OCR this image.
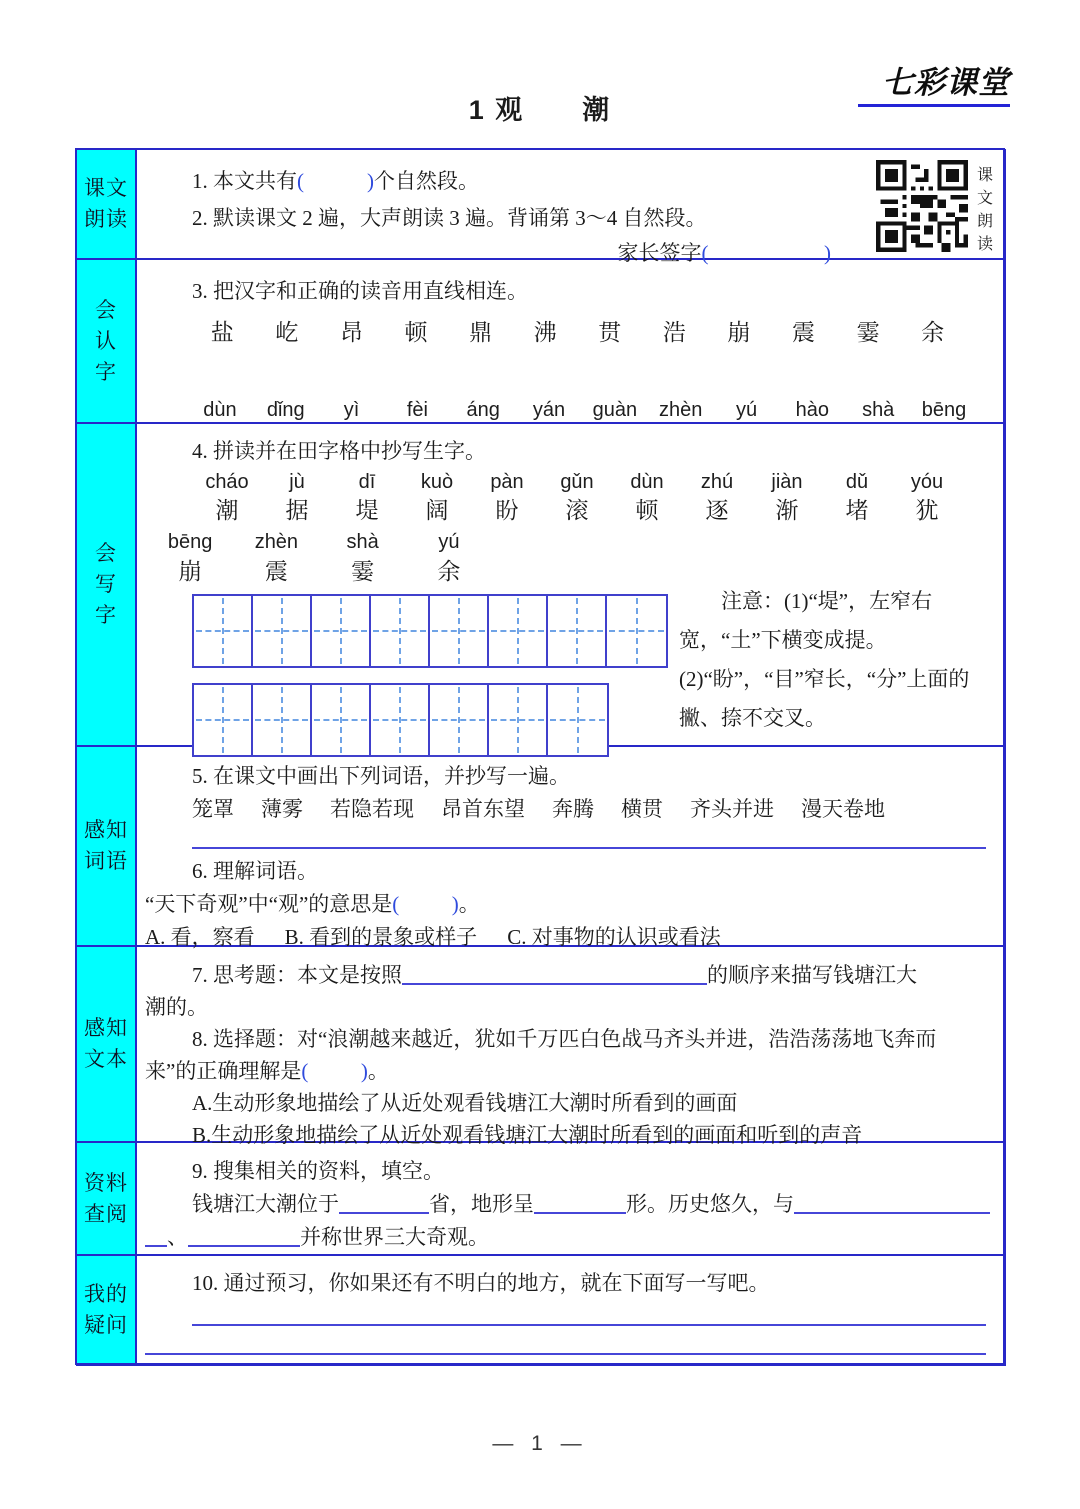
七彩课堂
1 观　　潮
课文
朗读

1. 本文共有(            )个自然段。

2. 默读课文 2 遍，大声朗读 3 遍。背诵第 3～4 自然段。

家长签字(                      )

课
文
朗
读
会
认
字

3. 把汉字和正确的读音用直线相连。

盐	屹	昂	顿	鼎	沸	贯	浩	崩	震	霎	余
dùn	dǐng	yì	fèi	áng	yán	guàn	zhèn	yú	hào	shà	bēng
会
写
字

4. 拼读并在田字格中抄写生字。

cháo	jù	dī	kuò	pàn	gǔn	dùn	zhú	jiàn	dǔ	yóu
潮	据	堤	阔	盼	滚	顿	逐	渐	堵	犹
bēng	zhèn	shà	yú
崩	震	霎	余
注意：(1)“堤”，左窄右宽，“土”下横变成提。(2)“盼”，“目”窄长，“分”上面的撇、捺不交叉。
感知
词语

5. 在课文中画出下列词语，并抄写一遍。

笼罩 薄雾 若隐若现 昂首东望 奔腾 横贯 齐头并进 漫天卷地

6. 理解词语。

“天下奇观”中“观”的意思是(          )。

A. 看，察看 B. 看到的景象或样子 C. 对事物的认识或看法
感知
文本

7. 思考题：本文是按照	的顺序来描写钱塘江大

潮的。

8. 选择题：对“浪潮越来越近，犹如千万匹白色战马齐头并进，浩浩荡荡地飞奔而

来”的正确理解是(          )。

A.生动形象地描绘了从近处观看钱塘江大潮时所看到的画面

B.生动形象地描绘了从近处观看钱塘江大潮时所看到的画面和听到的声音

资料
查阅

9. 搜集相关的资料，填空。

钱塘江大潮位于	省，地形呈	形。历史悠久，与

、	并称世界三大奇观。

我的
疑问

10. 通过预习，你如果还有不明白的地方，就在下面写一写吧。

— 1 —
